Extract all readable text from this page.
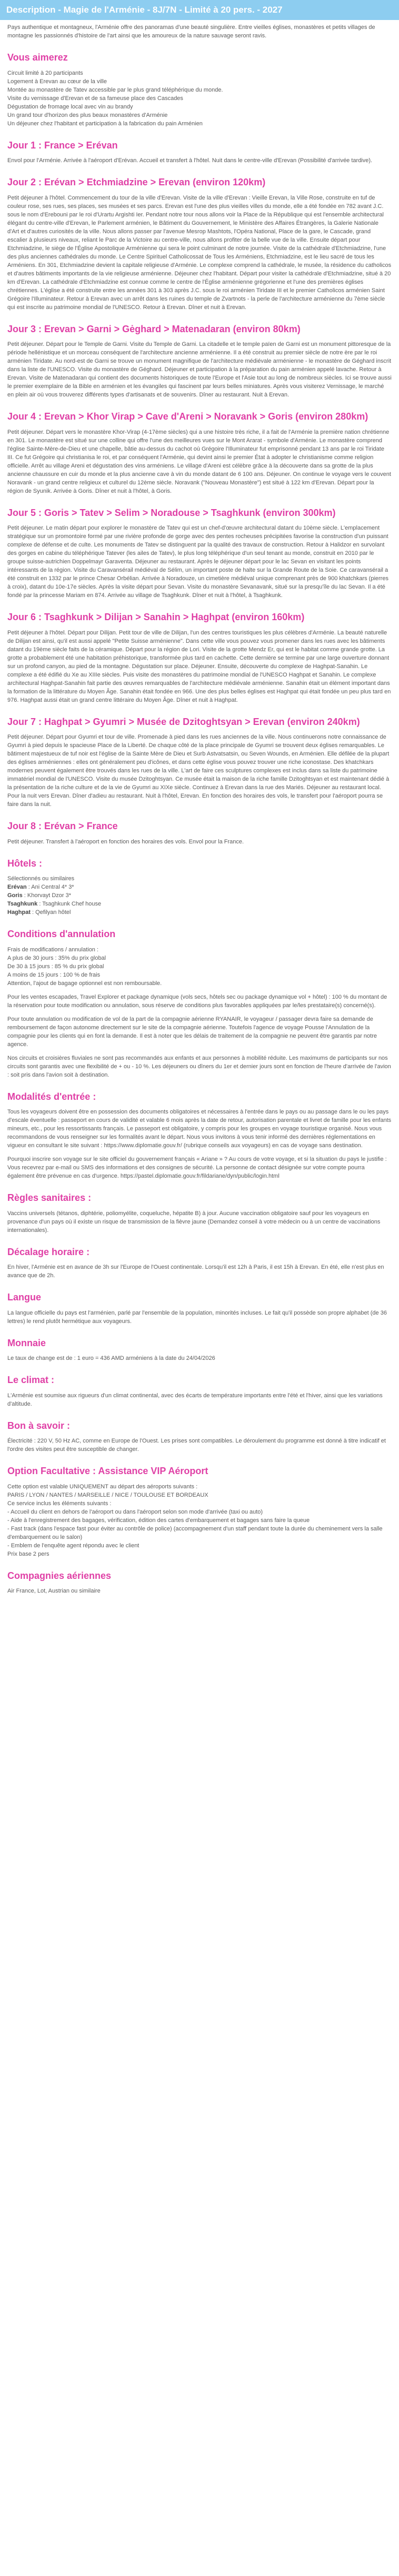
Description - Magie de l'Arménie - 8J/7N - Limité à 20 pers. - 2027

Pays authentique et montagneux, l'Arménie offre des panoramas d'une beauté singulière. Entre vieilles églises, monastères et petits villages de montagne les passionnés d'histoire de l'art ainsi que les amoureux de la nature sauvage seront ravis.

Vous aimerez
Circuit limité à 20 participants
Logement à Erevan au cœur de la ville
Montée au monastère de Tatev accessible par le plus grand téléphérique du monde.
Visite du vernissage d'Erevan et de sa fameuse place des Cascades
Dégustation de fromage local avec vin au brandy
Un grand tour d'horizon des plus beaux monastères d'Arménie
Un déjeuner chez l'habitant et participation à la fabrication du pain Arménien
Jour 1 : France > Erévan

Envol pour l'Arménie. Arrivée à l'aéroport d'Erévan. Accueil et transfert à l'hôtel. Nuit dans le centre-ville d'Erevan (Possibilité d'arrivée tardive).

Jour 2 : Erévan > Etchmiadzine > Erevan (environ 120km)

Petit déjeuner à l'hôtel. Commencement du tour de la ville d'Erevan. Visite de la ville d'Erevan : Vieille Erevan, la Ville Rose, construite en tuf de couleur rose, ses rues, ses places, ses musées et ses parcs. Erevan est l'une des plus vieilles villes du monde, elle a été fondée en 782 avant J.C. sous le nom d'Erebouni par le roi d'Urartu Argishti Ier. Pendant notre tour nous allons voir la Place de la République qui est l'ensemble architectural élégant du centre-ville d'Erevan, le Parlement arménien, le Bâtiment du Gouvernement, le Ministère des Affaires Étrangères, la Galerie Nationale d'Art et d'autres curiosités de la ville. Nous allons passer par l'avenue Mesrop Mashtots, l'Opéra National, Place de la gare, le Cascade, grand escalier à plusieurs niveaux, reliant le Parc de la Victoire au centre-ville, nous allons profiter de la belle vue de la ville. Ensuite départ pour Etchmiadzine, le siège de l'Église Apostolique Arménienne qui sera le point culminant de notre journée. Visite de la cathédrale d'Etchmiadzine, l'une des plus anciennes cathédrales du monde. Le Centre Spirituel Catholicossat de Tous les Arméniens, Etchmiadzine, est le lieu sacré de tous les Arméniens. En 301, Etchmiadzine devient la capitale religieuse d'Arménie. Le complexe comprend la cathédrale, le musée, la résidence du catholicos et d'autres bâtiments importants de la vie religieuse arménienne. Déjeuner chez l'habitant. Départ pour visiter la cathédrale d'Etchmiadzine, situé à 20 km d'Erevan. La cathédrale d'Etchmiadzine est connue comme le centre de l'Église arménienne grégorienne et l'une des premières églises chrétiennes. L'église a été construite entre les années 301 à 303 après J.C. sous le roi arménien Tiridate III et le premier Catholicos arménien Saint Grégoire l'Illuminateur. Retour à Erevan avec un arrêt dans les ruines du temple de Zvartnots - la perle de l'architecture arménienne du 7ème siècle qui est inscrite au patrimoine mondial de l'UNESCO. Retour à Erevan. Dîner et nuit à Erevan.

Jour 3 : Erevan > Garni > Gėghard > Matenadaran (environ 80km)

Petit déjeuner. Départ pour le Temple de Garni. Visite du Temple de Garni. La citadelle et le temple païen de Garni est un monument pittoresque de la période hellénistique et un morceau conséquent de l'architecture ancienne arménienne. Il a été construit au premier siècle de notre ère par le roi arménien Tiridate. Au nord-est de Garni se trouve un monument magnifique de l'architecture médiévale arménienne - le monastère de Géghard inscrit dans la liste de l'UNESCO. Visite du monastère de Géghard. Déjeuner et participation à la préparation du pain arménien appelé lavache. Retour à Erevan. Visite de Matenadaran qui contient des documents historiques de toute l'Europe et l'Asie tout au long de nombreux siècles. Ici se trouve aussi le premier exemplaire de la Bible en arménien et les évangiles qui fascinent par leurs belles miniatures. Après vous visiterez Vernissage, le marché en plein air où vous trouverez différents types d'artisanats et de souvenirs. Dîner au restaurant. Nuit à Erevan.

Jour 4 : Erevan > Khor Virap > Cave d'Areni > Noravank > Goris (environ 280km)

Petit déjeuner. Départ vers le monastère Khor-Virap (4-17ème siècles) qui a une histoire très riche, il a fait de l'Arménie la première nation chrétienne en 301. Le monastère est situé sur une colline qui offre l'une des meilleures vues sur le Mont Ararat - symbole d'Arménie. Le monastère comprend l'église Sainte-Mère-de-Dieu et une chapelle, bâtie au-dessus du cachot où Grégoire l'Illuminateur fut emprisonné pendant 13 ans par le roi Tiridate III. Ce fut Grégoire qui christianisa le roi, et par conséquent l'Arménie, qui devint ainsi le premier État à adopter le christianisme comme religion officielle. Arrêt au village Areni et dégustation des vins arméniens. Le village d'Areni est célèbre grâce à la découverte dans sa grotte de la plus ancienne chaussure en cuir du monde et la plus ancienne cave à vin du monde datant de 6 100 ans. Déjeuner. On continue le voyage vers le couvent Noravank - un grand centre religieux et culturel du 12ème siècle. Noravank ("Nouveau Monastère") est situé à 122 km d'Erevan. Départ pour la région de Syunik. Arrivée à Goris. Dîner et nuit à l'hôtel, à Goris.

Jour 5 : Goris > Tatev > Selim > Noradouse > Tsaghkunk (environ 300km)

Petit déjeuner. Le matin départ pour explorer le monastère de Tatev qui est un chef-d'œuvre architectural datant du 10ème siècle. L'emplacement stratégique sur un promontoire formé par une rivière profonde de gorge avec des pentes rocheuses précipitées favorise la construction d'un puissant complexe de défense et de culte. Les monuments de Tatev se distinguent par la qualité des travaux de construction. Retour à Halidzor en survolant des gorges en cabine du téléphérique Tatever (les ailes de Tatev), le plus long téléphérique d'un seul tenant au monde, construit en 2010 par le groupe suisse-autrichien Doppelmayr Garaventa. Déjeuner au restaurant. Après le déjeuner départ pour le lac Sevan en visitant les points intéressants de la région. Visite du Caravansérail médiéval de Sélim, un important poste de halte sur la Grande Route de la Soie. Ce caravansérail a été construit en 1332 par le prince Chesar Orbélian. Arrivée à Noradouze, un cimetière médiéval unique comprenant près de 900 khatchkars (pierres à croix), datant du 10e-17e siècles. Après la visite départ pour Sevan. Visite du monastère Sevanavank, situé sur la presqu'île du lac Sevan. Il a été fondé par la princesse Mariam en 874. Arrivée au village de Tsaghkunk. Dîner et nuit à l'hôtel, à Tsaghkunk.

Jour 6 : Tsaghkunk > Dilijan > Sanahin > Haghpat (environ 160km)

Petit déjeuner à l'hôtel. Départ pour Dilijan. Petit tour de ville de Dilijan, l'un des centres touristiques les plus célèbres d'Arménie. La beauté naturelle de Dilijan est ainsi, qu'il est aussi appelé "Petite Suisse arménienne". Dans cette ville vous pouvez vous promener dans les rues avec les bâtiments datant du 19ème siècle faits de la céramique. Départ pour la région de Lori. Visite de la grotte Mendz Er, qui est le habitat comme grande grotte. La grotte a probablement été une habitation préhistorique, transformée plus tard en cachette. Cette dernière se termine par une large ouverture donnant sur un profond canyon, au pied de la montagne. Dégustation sur place. Déjeuner. Ensuite, découverte du complexe de Haghpat-Sanahin. Le complexe a été édifié du Xe au XIIIe siècles. Puis visite des monastères du patrimoine mondial de l'UNESCO Haghpat et Sanahin. Le complexe architectural Haghpat-Sanahin fait partie des œuvres remarquables de l'architecture médiévale arménienne. Sanahin était un élément important dans la formation de la littérature du Moyen Âge. Sanahin était fondée en 966. Une des plus belles églises est Haghpat qui était fondée un peu plus tard en 976. Haghpat aussi était un grand centre littéraire du Moyen Âge. Dîner et nuit à Haghpat.

Jour 7 : Haghpat > Gyumri > Musée de Dzitoghtsyan > Erevan (environ 240km)

Petit déjeuner. Départ pour Gyumri et tour de ville. Promenade à pied dans les rues anciennes de la ville. Nous continuerons notre connaissance de Gyumri à pied depuis le spacieuse Place de la Liberté. De chaque côté de la place principale de Gyumri se trouvent deux églises remarquables. Le bâtiment majestueux de tuf noir est l'église de la Sainte Mère de Dieu et Surb Astvatsatsin, ou Seven Wounds, en Arménien. Elle défilée de la plupart des églises arméniennes : elles ont généralement peu d'icônes, et dans cette église vous pouvez trouver une riche iconostase. Des khatchkars modernes peuvent également être trouvés dans les rues de la ville. L'art de faire ces sculptures complexes est inclus dans sa liste du patrimoine immatériel mondial de l'UNESCO. Visite du musée Dzitoghtsyan. Ce musée était la maison de la riche famille Dzitoghtsyan et est maintenant dédié à la présentation de la riche culture et de la vie de Gyumri au XIXe siècle. Continuez à Erevan dans la rue des Mariés. Déjeuner au restaurant local. Pour la nuit vers Erevan. Dîner d'adieu au restaurant. Nuit à l'hôtel, Erevan. En fonction des horaires des vols, le transfert pour l'aéroport pourra se faire dans la nuit.

Jour 8 : Erévan > France

Petit déjeuner. Transfert à l'aéroport en fonction des horaires des vols. Envol pour la France.

Hôtels :
Sélectionnés ou similaires
Erévan : Ani Central 4* 3*
Goris : Khorvayt Dzor 3*
Tsaghkunk : Tsaghkunk Chef house
Haghpat : Qefilyan hôtel
Conditions d'annulation

Frais de modifications / annulation :
A plus de 30 jours : 35% du prix global
De 30 à 15 jours : 85 % du prix global
A moins de 15 jours : 100 % de frais
Attention, l'ajout de bagage optionnel est non remboursable.

Pour les ventes escapades, Travel Explorer et package dynamique (vols secs, hôtels sec ou package dynamique vol + hôtel) : 100 % du montant de la réservation pour toute modification ou annulation, sous réserve de conditions plus favorables appliquées par le/les prestataire(s) concerné(s).

Pour toute annulation ou modification de vol de la part de la compagnie aérienne RYANAIR, le voyageur / passager devra faire sa demande de remboursement de façon autonome directement sur le site de la compagnie aérienne. Toutefois l'agence de voyage Pousse l'Annulation de la compagnie pour les clients qui en font la demande. Il est à noter que les délais de traitement de la compagnie ne peuvent être garantis par notre agence.

Nos circuits et croisières fluviales ne sont pas recommandés aux enfants et aux personnes à mobilité réduite. Les maximums de participants sur nos circuits sont garantis avec une flexibilité de + ou - 10 %. Les déjeuners ou dîners du 1er et dernier jours sont en fonction de l'heure d'arrivée de l'avion : soit pris dans l'avion soit à destination.

Modalités d'entrée :

Tous les voyageurs doivent être en possession des documents obligatoires et nécessaires à l'entrée dans le pays ou au passage dans le ou les pays d'escale éventuelle : passeport en cours de validité et valable 6 mois après la date de retour, autorisation parentale et livret de famille pour les enfants mineurs, etc., pour les ressortissants français. Le passeport est obligatoire, y compris pour les groupes en voyage touristique organisé. Nous vous recommandons de vous renseigner sur les formalités avant le départ. Nous vous invitons à vous tenir informé des dernières réglementations en vigueur en consultant le site suivant : https://www.diplomatie.gouv.fr/ (rubrique conseils aux voyageurs) en cas de voyage sans destination.

Pourquoi inscrire son voyage sur le site officiel du gouvernement français « Ariane » ? Au cours de votre voyage, et si la situation du pays le justifie : Vous recevrez par e-mail ou SMS des informations et des consignes de sécurité. La personne de contact désignée sur votre compte pourra également être prévenue en cas d'urgence. https://pastel.diplomatie.gouv.fr/fildariane/dyn/public/login.html

Règles sanitaires :

Vaccins universels (tétanos, diphtérie, poliomyélite, coqueluche, hépatite B) à jour. Aucune vaccination obligatoire sauf pour les voyageurs en provenance d'un pays où il existe un risque de transmission de la fièvre jaune (Demandez conseil à votre médecin ou à un centre de vaccinations internationales).

Décalage horaire :

En hiver, l'Arménie est en avance de 3h sur l'Europe de l'Ouest continentale. Lorsqu'il est 12h à Paris, il est 15h à Erevan. En été, elle n'est plus en avance que de 2h.

Langue

La langue officielle du pays est l'arménien, parlé par l'ensemble de la population, minorités incluses. Le fait qu'il possède son propre alphabet (de 36 lettres) le rend plutôt hermétique aux voyageurs.

Monnaie

Le taux de change est de : 1 euro = 436 AMD arméniens à la date du 24/04/2026

Le climat :

L'Arménie est soumise aux rigueurs d'un climat continental, avec des écarts de température importants entre l'été et l'hiver, ainsi que les variations d'altitude.

Bon à savoir :

Électricité : 220 V, 50 Hz AC, comme en Europe de l'Ouest. Les prises sont compatibles. Le déroulement du programme est donné à titre indicatif et l'ordre des visites peut être susceptible de changer.

Option Facultative : Assistance VIP Aéroport

Cette option est valable UNIQUEMENT au départ des aéroports suivants :
PARIS / LYON / NANTES / MARSEILLE / NICE / TOULOUSE ET BORDEAUX
Ce service inclus les éléments suivants :
- Accueil du client en dehors de l'aéroport ou dans l'aéroport selon son mode d'arrivée (taxi ou auto)
- Aide à l'enregistrement des bagages, vérification, édition des cartes d'embarquement et bagages sans faire la queue
- Fast track (dans l'espace fast pour éviter au contrôle de police) (accompagnement d'un staff pendant toute la durée du cheminement vers la salle d'embarquement ou le salon)
- Emblem de l'enquête agent répondu avec le client
Prix base 2 pers

Compagnies aériennes

Air France, Lot, Austrian ou similaire
